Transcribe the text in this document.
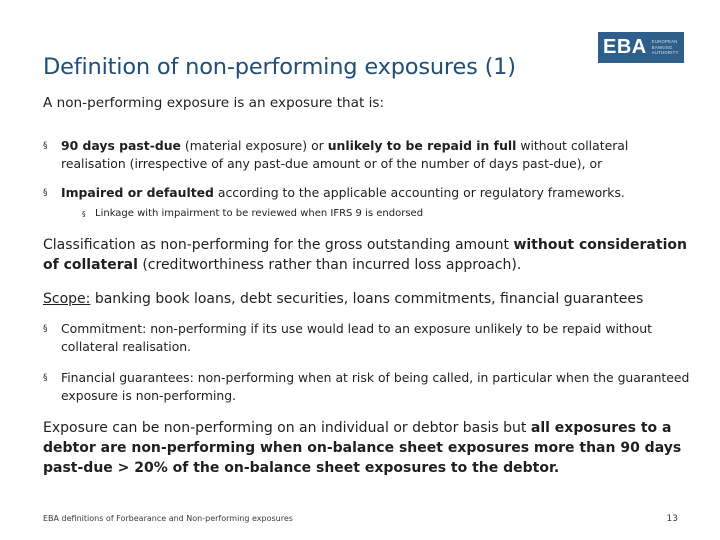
Definition of non-performing exposures (1)
EBA EUROPEAN
BANKING
AUTHORITY
A non-performing exposure is an exposure that is:
§ 90 days past-due (material exposure) or unlikely to be repaid in full without collateral realisation (irrespective of any past-due amount or of the number of days past-due), or
§ Impaired or defaulted according to the applicable accounting or regulatory frameworks.
§ Linkage with impairment to be reviewed when IFRS 9 is endorsed
Classification as non-performing for the gross outstanding amount without consideration of collateral (creditworthiness rather than incurred loss approach).
Scope: banking book loans, debt securities, loans commitments, financial guarantees
§ Commitment: non-performing if its use would lead to an exposure unlikely to be repaid without collateral realisation.
§ Financial guarantees: non-performing when at risk of being called, in particular when the guaranteed exposure is non-performing.
Exposure can be non-performing on an individual or debtor basis but all exposures to a debtor are non-performing when on-balance sheet exposures more than 90 days past-due > 20% of the on-balance sheet exposures to the debtor.
EBA definitions of Forbearance and Non-performing exposures	13
